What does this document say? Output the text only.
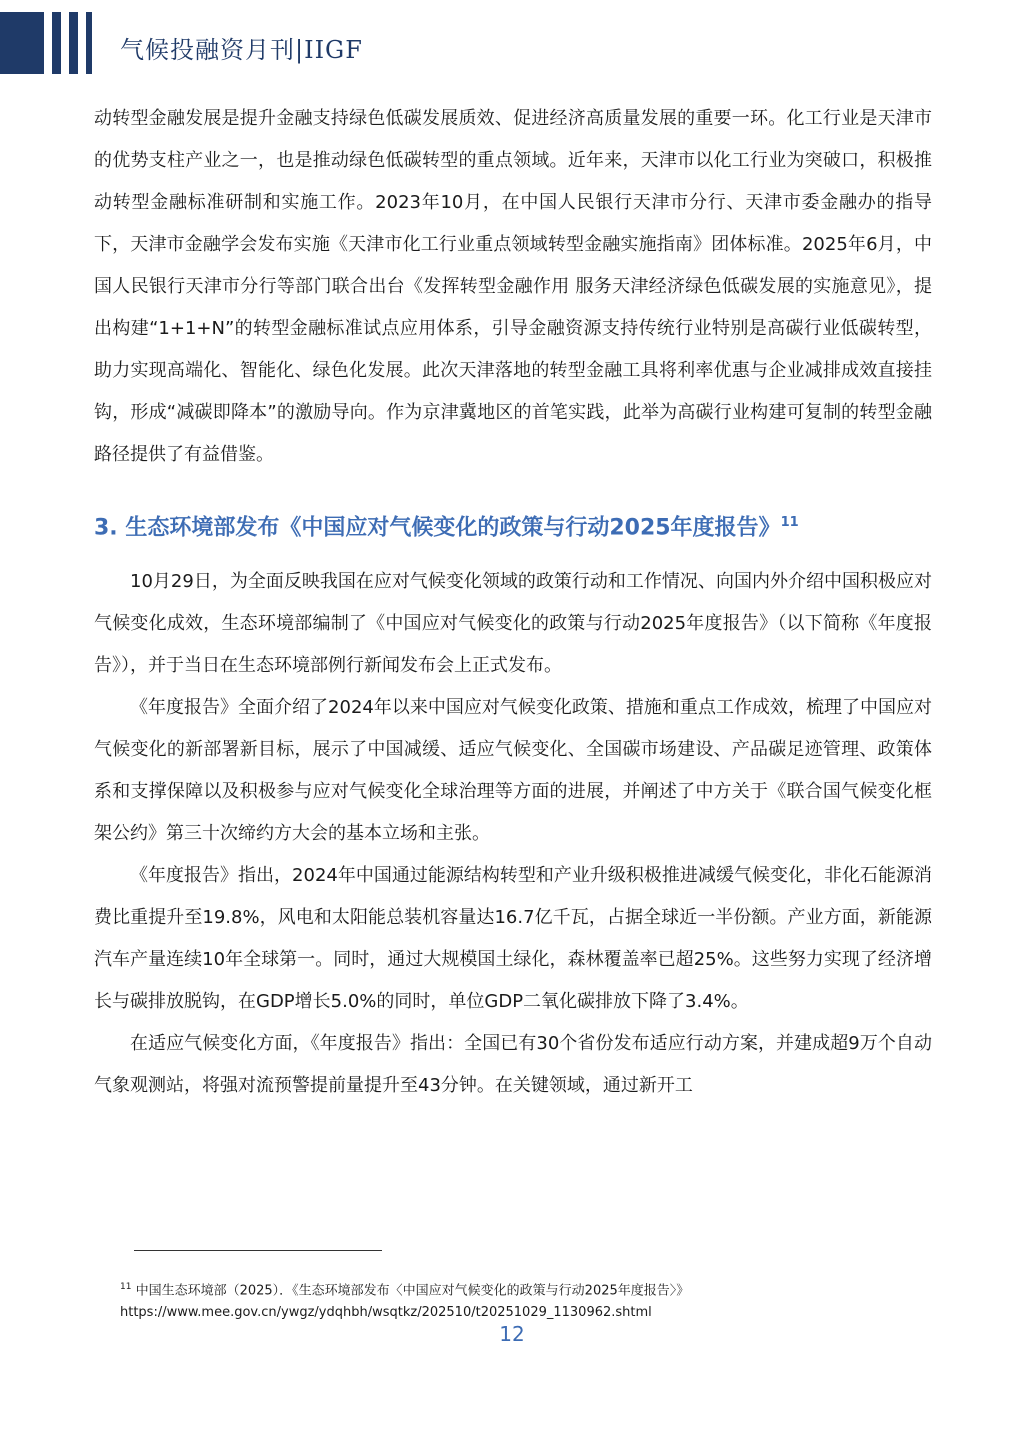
气候投融资月刊|IIGF

动转型金融发展是提升金融支持绿色低碳发展质效、促进经济高质量发展的重要一环。化工行业是天津市的优势支柱产业之一，也是推动绿色低碳转型的重点领域。近年来，天津市以化工行业为突破口，积极推动转型金融标准研制和实施工作。2023年10月，在中国人民银行天津市分行、天津市委金融办的指导下，天津市金融学会发布实施《天津市化工行业重点领域转型金融实施指南》团体标准。2025年6月，中国人民银行天津市分行等部门联合出台《发挥转型金融作用 服务天津经济绿色低碳发展的实施意见》，提出构建“1+1+N”的转型金融标准试点应用体系，引导金融资源支持传统行业特别是高碳行业低碳转型，助力实现高端化、智能化、绿色化发展。此次天津落地的转型金融工具将利率优惠与企业减排成效直接挂钩，形成“减碳即降本”的激励导向。作为京津冀地区的首笔实践，此举为高碳行业构建可复制的转型金融路径提供了有益借鉴。

3. 生态环境部发布《中国应对气候变化的政策与行动2025年度报告》$^{11}$

10月29日，为全面反映我国在应对气候变化领域的政策行动和工作情况、向国内外介绍中国积极应对气候变化成效，生态环境部编制了《中国应对气候变化的政策与行动2025年度报告》（以下简称《年度报告》），并于当日在生态环境部例行新闻发布会上正式发布。

《年度报告》全面介绍了2024年以来中国应对气候变化政策、措施和重点工作成效，梳理了中国应对气候变化的新部署新目标，展示了中国减缓、适应气候变化、全国碳市场建设、产品碳足迹管理、政策体系和支撑保障以及积极参与应对气候变化全球治理等方面的进展，并阐述了中方关于《联合国气候变化框架公约》第三十次缔约方大会的基本立场和主张。

《年度报告》指出，2024年中国通过能源结构转型和产业升级积极推进减缓气候变化，非化石能源消费比重提升至19.8%，风电和太阳能总装机容量达16.7亿千瓦，占据全球近一半份额。产业方面，新能源汽车产量连续10年全球第一。同时，通过大规模国土绿化，森林覆盖率已超25%。这些努力实现了经济增长与碳排放脱钩，在GDP增长5.0%的同时，单位GDP二氧化碳排放下降了3.4%。

在适应气候变化方面，《年度报告》指出：全国已有30个省份发布适应行动方案，并建成超9万个自动气象观测站，将强对流预警提前量提升至43分钟。在关键领域，通过新开工

$^{11}$ 中国生态环境部（2025）．《生态环境部发布〈中国应对气候变化的政策与行动2025年度报告〉》
https://www.mee.gov.cn/ywgz/ydqhbh/wsqtkz/202510/t20251029_1130962.shtml
12
